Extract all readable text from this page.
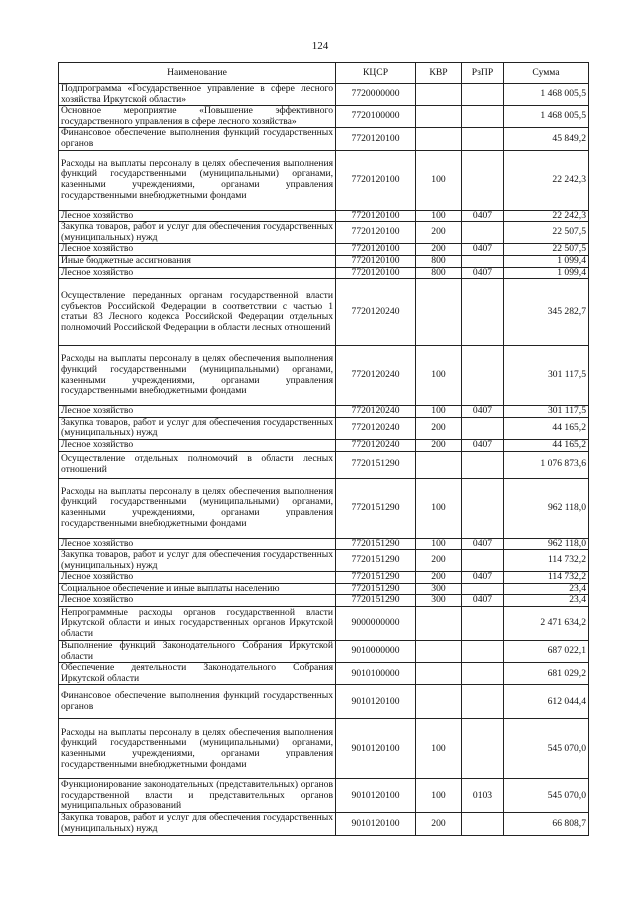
124
Наименование	КЦСР	КВР	РзПР	Сумма
Подпрограмма «Государственное управление в сфере лесного хозяйства Иркутской области»	7720000000			1 468 005,5
Основное мероприятие «Повышение эффективного государственного управления в сфере лесного хозяйства»	7720100000			1 468 005,5
Финансовое обеспечение выполнения функций государственных органов	7720120100			45 849,2
Расходы на выплаты персоналу в целях обеспечения выполнения функций государственными (муниципальными) органами, казенными учреждениями, органами управления государственными внебюджетными фондами	7720120100	100		22 242,3
Лесное хозяйство	7720120100	100	0407	22 242,3
Закупка товаров, работ и услуг для обеспечения государственных (муниципальных) нужд	7720120100	200		22 507,5
Лесное хозяйство	7720120100	200	0407	22 507,5
Иные бюджетные ассигнования	7720120100	800		1 099,4
Лесное хозяйство	7720120100	800	0407	1 099,4
Осуществление переданных органам государственной власти субъектов Российской Федерации в соответствии с частью 1 статьи 83 Лесного кодекса Российской Федерации отдельных полномочий Российской Федерации в области лесных отношений	7720120240			345 282,7
Расходы на выплаты персоналу в целях обеспечения выполнения функций государственными (муниципальными) органами, казенными учреждениями, органами управления государственными внебюджетными фондами	7720120240	100		301 117,5
Лесное хозяйство	7720120240	100	0407	301 117,5
Закупка товаров, работ и услуг для обеспечения государственных (муниципальных) нужд	7720120240	200		44 165,2
Лесное хозяйство	7720120240	200	0407	44 165,2
Осуществление отдельных полномочий в области лесных отношений	7720151290			1 076 873,6
Расходы на выплаты персоналу в целях обеспечения выполнения функций государственными (муниципальными) органами, казенными учреждениями, органами управления государственными внебюджетными фондами	7720151290	100		962 118,0
Лесное хозяйство	7720151290	100	0407	962 118,0
Закупка товаров, работ и услуг для обеспечения государственных (муниципальных) нужд	7720151290	200		114 732,2
Лесное хозяйство	7720151290	200	0407	114 732,2
Социальное обеспечение и иные выплаты населению	7720151290	300		23,4
Лесное хозяйство	7720151290	300	0407	23,4
Непрограммные расходы органов государственной власти Иркутской области и иных государственных органов Иркутской области	9000000000			2 471 634,2
Выполнение функций Законодательного Собрания Иркутской области	9010000000			687 022,1
Обеспечение деятельности Законодательного Собрания Иркутской области	9010100000			681 029,2
Финансовое обеспечение выполнения функций государственных органов	9010120100			612 044,4
Расходы на выплаты персоналу в целях обеспечения выполнения функций государственными (муниципальными) органами, казенными учреждениями, органами управления государственными внебюджетными фондами	9010120100	100		545 070,0
Функционирование законодательных (представительных) органов государственной власти и представительных органов муниципальных образований	9010120100	100	0103	545 070,0
Закупка товаров, работ и услуг для обеспечения государственных (муниципальных) нужд	9010120100	200		66 808,7
